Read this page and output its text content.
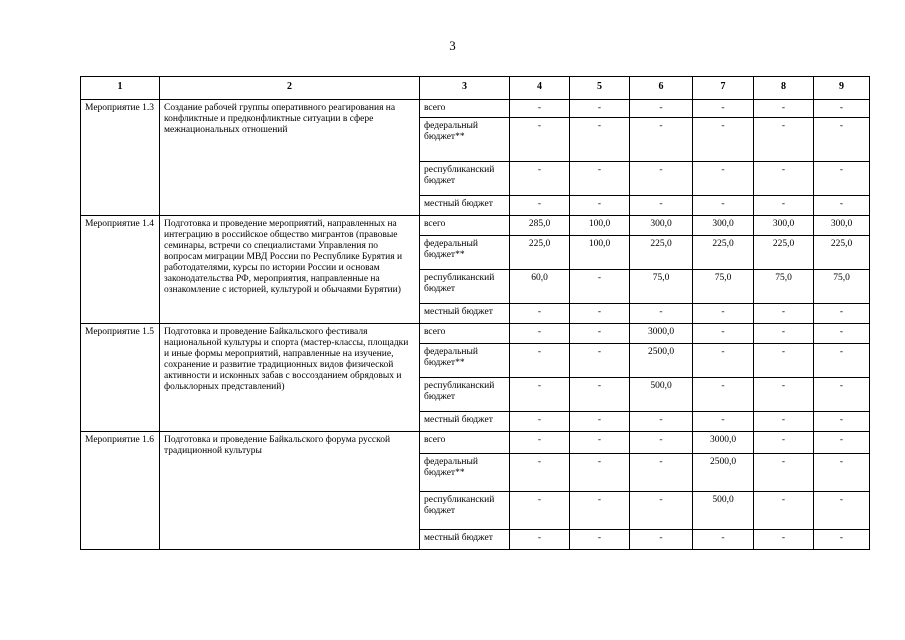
3
1	2	3	4	5	6	7	8	9
Мероприятие 1.3	Создание рабочей группы оперативного реагирования на конфликтные и предконфликтные ситуации в сфере межнациональных отношений	всего	-	-	-	-	-	-
		федеральный бюджет**	-	-	-	-	-	-
		республиканский бюджет	-	-	-	-	-	-
		местный бюджет	-	-	-	-	-	-
Мероприятие 1.4	Подготовка и проведение мероприятий, направленных на интеграцию в российское общество мигрантов (правовые семинары, встречи со специалистами Управления по вопросам миграции МВД России по Республике Бурятия и работодателями, курсы по истории России и основам законодательства РФ, мероприятия, направленные на ознакомление с историей, культурой и обычаями Бурятии)	всего	285,0	100,0	300,0	300,0	300,0	300,0
		федеральный бюджет**	225,0	100,0	225,0	225,0	225,0	225,0
		республиканский бюджет	60,0	-	75,0	75,0	75,0	75,0
		местный бюджет	-	-	-	-	-	-
Мероприятие 1.5	Подготовка и проведение Байкальского фестиваля национальной культуры и спорта (мастер-классы, площадки и иные формы мероприятий, направленные на изучение, сохранение и развитие традиционных видов физической активности и исконных забав с воссозданием обрядовых и фольклорных представлений)	всего	-	-	3000,0	-	-	-
		федеральный бюджет**	-	-	2500,0	-	-	-
		республиканский бюджет	-	-	500,0	-	-	-
		местный бюджет	-	-	-	-	-	-
Мероприятие 1.6	Подготовка и проведение Байкальского форума русской традиционной культуры	всего	-	-	-	3000,0	-	-
		федеральный бюджет**	-	-	-	2500,0	-	-
		республиканский бюджет	-	-	-	500,0	-	-
		местный бюджет	-	-	-	-	-	-
